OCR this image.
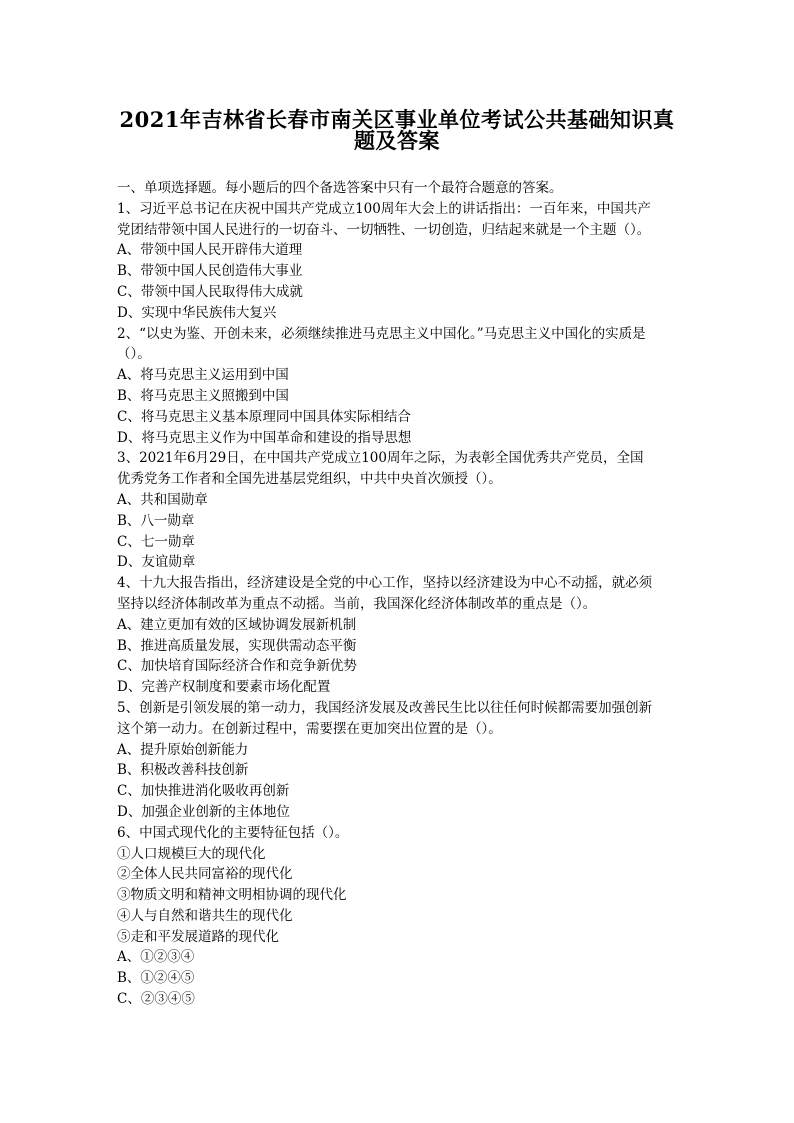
2021年吉林省长春市南关区事业单位考试公共基础知识真
题及答案
一、单项选择题。每小题后的四个备选答案中只有一个最符合题意的答案。
1、习近平总书记在庆祝中国共产党成立100周年大会上的讲话指出：一百年来，中国共产
党团结带领中国人民进行的一切奋斗、一切牺牲、一切创造，归结起来就是一个主题（）。
A、带领中国人民开辟伟大道理
B、带领中国人民创造伟大事业
C、带领中国人民取得伟大成就
D、实现中华民族伟大复兴
2、“以史为鉴、开创未来，必须继续推进马克思主义中国化。”马克思主义中国化的实质是
（）。
A、将马克思主义运用到中国
B、将马克思主义照搬到中国
C、将马克思主义基本原理同中国具体实际相结合
D、将马克思主义作为中国革命和建设的指导思想
3、2021年6月29日，在中国共产党成立100周年之际，为表彰全国优秀共产党员，全国
优秀党务工作者和全国先进基层党组织，中共中央首次颁授（）。
A、共和国勋章
B、八一勋章
C、七一勋章
D、友谊勋章
4、十九大报告指出，经济建设是全党的中心工作，坚持以经济建设为中心不动摇，就必须
坚持以经济体制改革为重点不动摇。当前，我国深化经济体制改革的重点是（）。
A、建立更加有效的区域协调发展新机制
B、推进高质量发展，实现供需动态平衡
C、加快培育国际经济合作和竞争新优势
D、完善产权制度和要素市场化配置
5、创新是引领发展的第一动力，我国经济发展及改善民生比以往任何时候都需要加强创新
这个第一动力。在创新过程中，需要摆在更加突出位置的是（）。
A、提升原始创新能力
B、积极改善科技创新
C、加快推进消化吸收再创新
D、加强企业创新的主体地位
6、中国式现代化的主要特征包括（）。
①人口规模巨大的现代化
②全体人民共同富裕的现代化
③物质文明和精神文明相协调的现代化
④人与自然和谐共生的现代化
⑤走和平发展道路的现代化
A、①②③④
B、①②④⑤
C、②③④⑤
